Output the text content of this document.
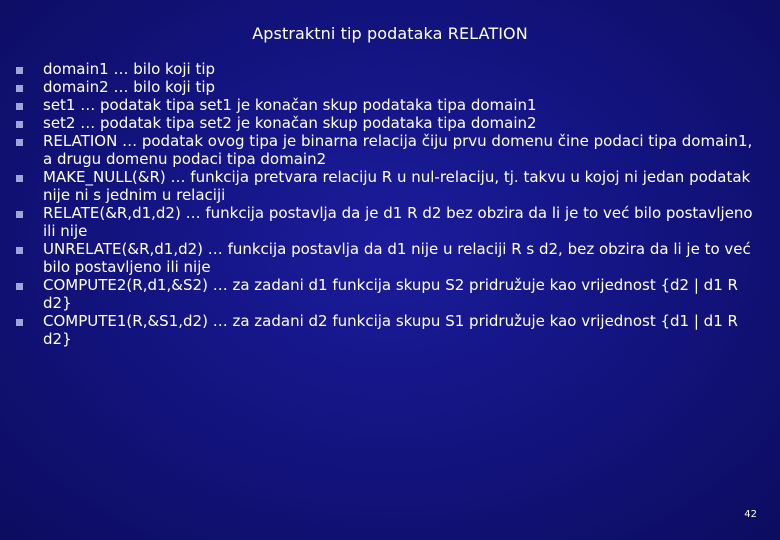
Apstraktni tip podataka RELATION
domain1 … bilo koji tip
domain2 … bilo koji tip
set1 … podatak tipa set1 je konačan skup podataka tipa domain1
set2 … podatak tipa set2 je konačan skup podataka tipa domain2
RELATION … podatak ovog tipa je binarna relacija čiju prvu domenu čine podaci tipa domain1, a drugu domenu podaci tipa domain2
MAKE_NULL(&R) … funkcija pretvara relaciju R u nul-relaciju, tj. takvu u kojoj ni jedan podatak nije ni s jednim u relaciji
RELATE(&R,d1,d2) … funkcija postavlja da je d1 R d2 bez obzira da li je to već bilo postavljeno ili nije
UNRELATE(&R,d1,d2) … funkcija postavlja da d1 nije u relaciji R s d2, bez obzira da li je to već bilo postavljeno ili nije
COMPUTE2(R,d1,&S2) … za zadani d1 funkcija skupu S2 pridružuje kao vrijednost {d2 | d1 R d2}
COMPUTE1(R,&S1,d2) … za zadani d2 funkcija skupu S1 pridružuje kao vrijednost {d1 | d1 R d2}
42
